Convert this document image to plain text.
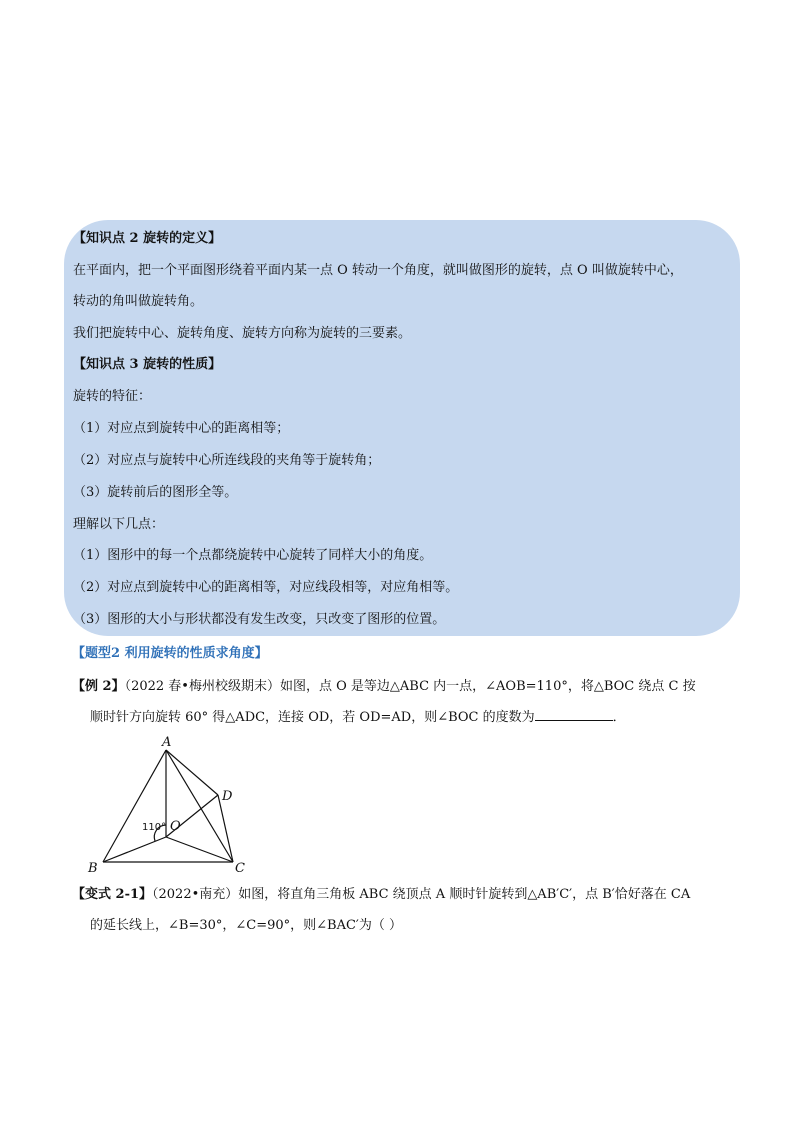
【知识点 2 旋转的定义】
在平面内，把一个平面图形绕着平面内某一点 O 转动一个角度，就叫做图形的旋转，点 O 叫做旋转中心，
转动的角叫做旋转角。
我们把旋转中心、旋转角度、旋转方向称为旋转的三要素。
【知识点 3 旋转的性质】
旋转的特征：
（1）对应点到旋转中心的距离相等；
（2）对应点与旋转中心所连线段的夹角等于旋转角；
（3）旋转前后的图形全等。
理解以下几点：
（1）图形中的每一个点都绕旋转中心旋转了同样大小的角度。
（2）对应点到旋转中心的距离相等，对应线段相等，对应角相等。
（3）图形的大小与形状都没有发生改变，只改变了图形的位置。
【题型2 利用旋转的性质求角度】
【例 2】（2022 春•梅州校级期末）如图，点 O 是等边△ABC 内一点，∠AOB=110°，将△BOC 绕点 C 按
顺时针方向旋转 60° 得△ADC，连接 OD，若 OD=AD，则∠BOC 的度数为	．
A
B	C
D
O
110°
【变式 2-1】（2022•南充）如图，将直角三角板 ABC 绕顶点 A 顺时针旋转到△AB′C′，点 B′恰好落在 CA
的延长线上，∠B=30°，∠C=90°，则∠BAC′为（ ）
